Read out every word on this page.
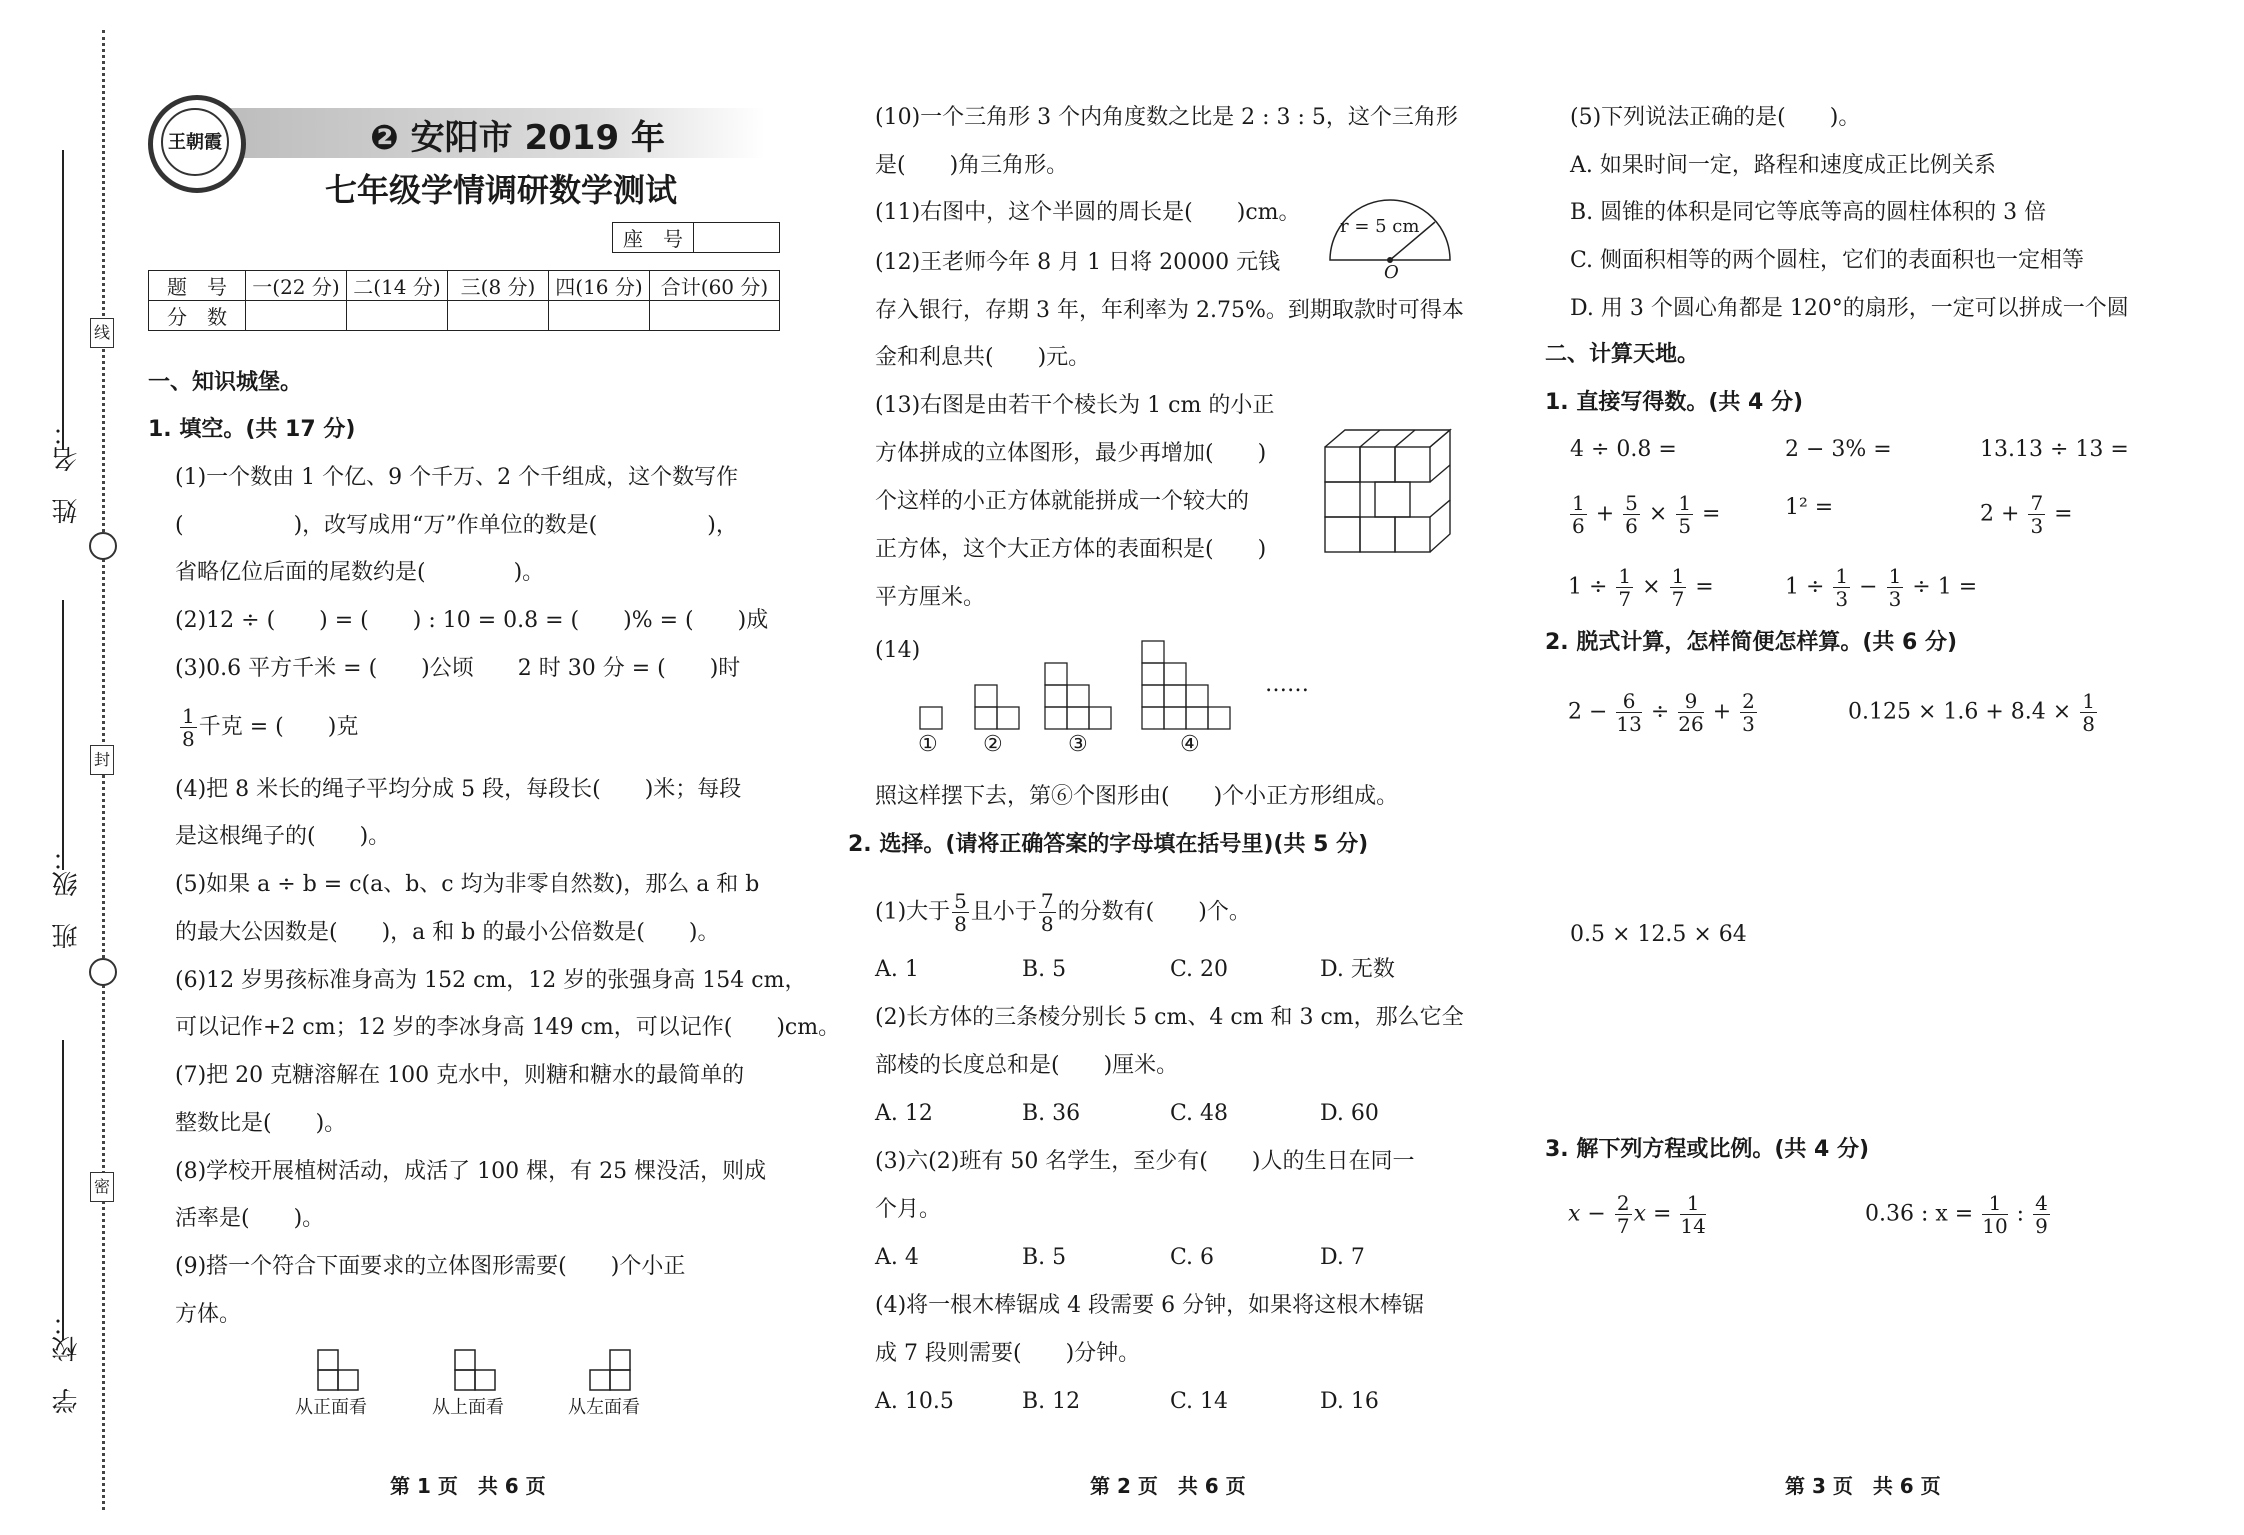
姓　名：
班　级：
学　校：
线
封
密
王朝霞	❷ 安阳市 2019 年
七年级学情调研数学测试
座　号	
题　号	一(22 分)	二(14 分)	三(8 分)	四(16 分)	合计(60 分)
分　数					
一、知识城堡。
1. 填空。(共 17 分)
(1)一个数由 1 个亿、9 个千万、2 个千组成，这个数写作
(　　　　　)，改写成用“万”作单位的数是(　　　　　)，
省略亿位后面的尾数约是(　　　　)。
(2)12 ÷ (　　) = (　　) : 10 = 0.8 = (　　)% = (　　)成
(3)0.6 平方千米 = (　　)公顷　　2 时 30 分 = (　　)时
$\frac{1}{8}$ 千克 = (　　)克
(4)把 8 米长的绳子平均分成 5 段，每段长(　　)米；每段
是这根绳子的(　　)。
(5)如果 a ÷ b = c(a、b、c 均为非零自然数)，那么 a 和 b
的最大公因数是(　　)，a 和 b 的最小公倍数是(　　)。
(6)12 岁男孩标准身高为 152 cm，12 岁的张强身高 154 cm，
可以记作+2 cm；12 岁的李冰身高 149 cm，可以记作(　　)cm。
(7)把 20 克糖溶解在 100 克水中，则糖和糖水的最简单的
整数比是(　　)。
(8)学校开展植树活动，成活了 100 棵，有 25 棵没活，则成
活率是(　　)。
(9)搭一个符合下面要求的立体图形需要(　　)个小正
方体。
从正面看	从上面看	从左面看
第 1 页　共 6 页
(10)一个三角形 3 个内角度数之比是 2 : 3 : 5，这个三角形
是(　　)角三角形。
(11)右图中，这个半圆的周长是(　　)cm。
r = 5 cm
O
(12)王老师今年 8 月 1 日将 20000 元钱
存入银行，存期 3 年，年利率为 2.75%。到期取款时可得本
金和利息共(　　)元。
(13)右图是由若干个棱长为 1 cm 的小正
方体拼成的立体图形，最少再增加(　　)
个这样的小正方体就能拼成一个较大的
正方体，这个大正方体的表面积是(　　)
平方厘米。
(14)
……
① ②	③	④
照这样摆下去，第⑥个图形由(　　)个小正方形组成。
2. 选择。(请将正确答案的字母填在括号里)(共 5 分)
(1)大于 $\frac{5}{8}$ 且小于 $\frac{7}{8}$ 的分数有(　　)个。
A. 1	B. 5	C. 20	D. 无数
(2)长方体的三条棱分别长 5 cm、4 cm 和 3 cm，那么它全
部棱的长度总和是(　　)厘米。
A. 12	B. 36	C. 48	D. 60
(3)六(2)班有 50 名学生，至少有(　　)人的生日在同一
个月。
A. 4	B. 5	C. 6	D. 7
(4)将一根木棒锯成 4 段需要 6 分钟，如果将这根木棒锯
成 7 段则需要(　　)分钟。
A. 10.5	B. 12	C. 14	D. 16
第 2 页　共 6 页
(5)下列说法正确的是(　　)。
A. 如果时间一定，路程和速度成正比例关系
B. 圆锥的体积是同它等底等高的圆柱体积的 3 倍
C. 侧面积相等的两个圆柱，它们的表面积也一定相等
D. 用 3 个圆心角都是 120°的扇形，一定可以拼成一个圆
二、计算天地。
1. 直接写得数。(共 4 分)
4 ÷ 0.8 =	2 − 3% =	13.13 ÷ 13 =
$\frac{1}{6} + \frac{5}{6} \times \frac{1}{5}$ =	1² =	$2 + \frac{7}{3}$ =
$1 \div \frac{1}{7} \times \frac{1}{7}$ =	$1 \div \frac{1}{3} - \frac{1}{3} \div 1$ =
2. 脱式计算，怎样简便怎样算。(共 6 分)
$2 - \frac{6}{13} \div \frac{9}{26} + \frac{2}{3}$	$0.125 \times 1.6 + 8.4 \times \frac{1}{8}$
0.5 × 12.5 × 64
3. 解下列方程或比例。(共 4 分)
$x - \frac{2}{7}$ $x = \frac{1}{14}$	0.36 : $x = \frac{1}{10}$ : $\frac{4}{9}$
第 3 页　共 6 页
